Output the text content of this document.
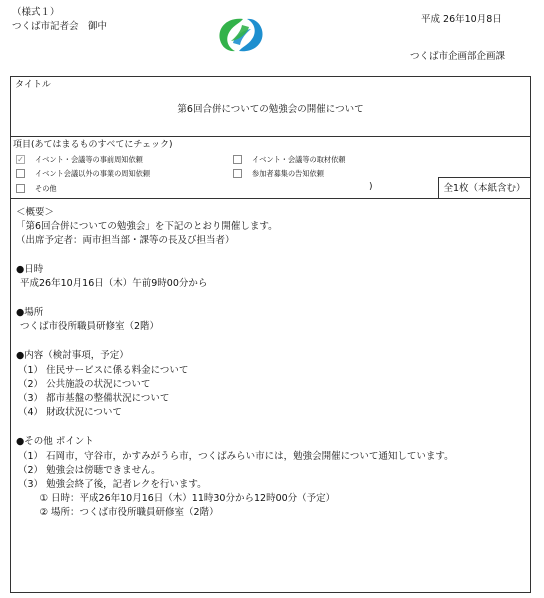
（様式１）
つくば市記者会　御中
平成 26年10月8日
つくば市企画部企画課
タイトル
第6回合併についての勉強会の開催について
項目(あてはまるものすべてにチェック)
✓ イベント・会議等の事前周知依頼	イベント・会議等の取材依頼
イベント会議以外の事業の周知依頼	参加者募集の告知依頼
その他	)	全1枚（本紙含む）
＜概要＞
「第6回合併についての勉強会」を下記のとおり開催します。
（出席予定者：両市担当部・課等の長及び担当者）
●日時
平成26年10月16日（木）午前9時00分から
●場所
つくば市役所職員研修室（2階）
●内容（検討事項，予定）
（1） 住民サービスに係る料金について
（2） 公共施設の状況について
（3） 都市基盤の整備状況について
（4） 財政状況について
●その他 ポイント
（1） 石岡市，守谷市，かすみがうら市，つくばみらい市には，勉強会開催について通知しています。
（2） 勉強会は傍聴できません。
（3） 勉強会終了後，記者レクを行います。
　① 日時：平成26年10月16日（木）11時30分から12時00分（予定）
　② 場所：つくば市役所職員研修室（2階）
